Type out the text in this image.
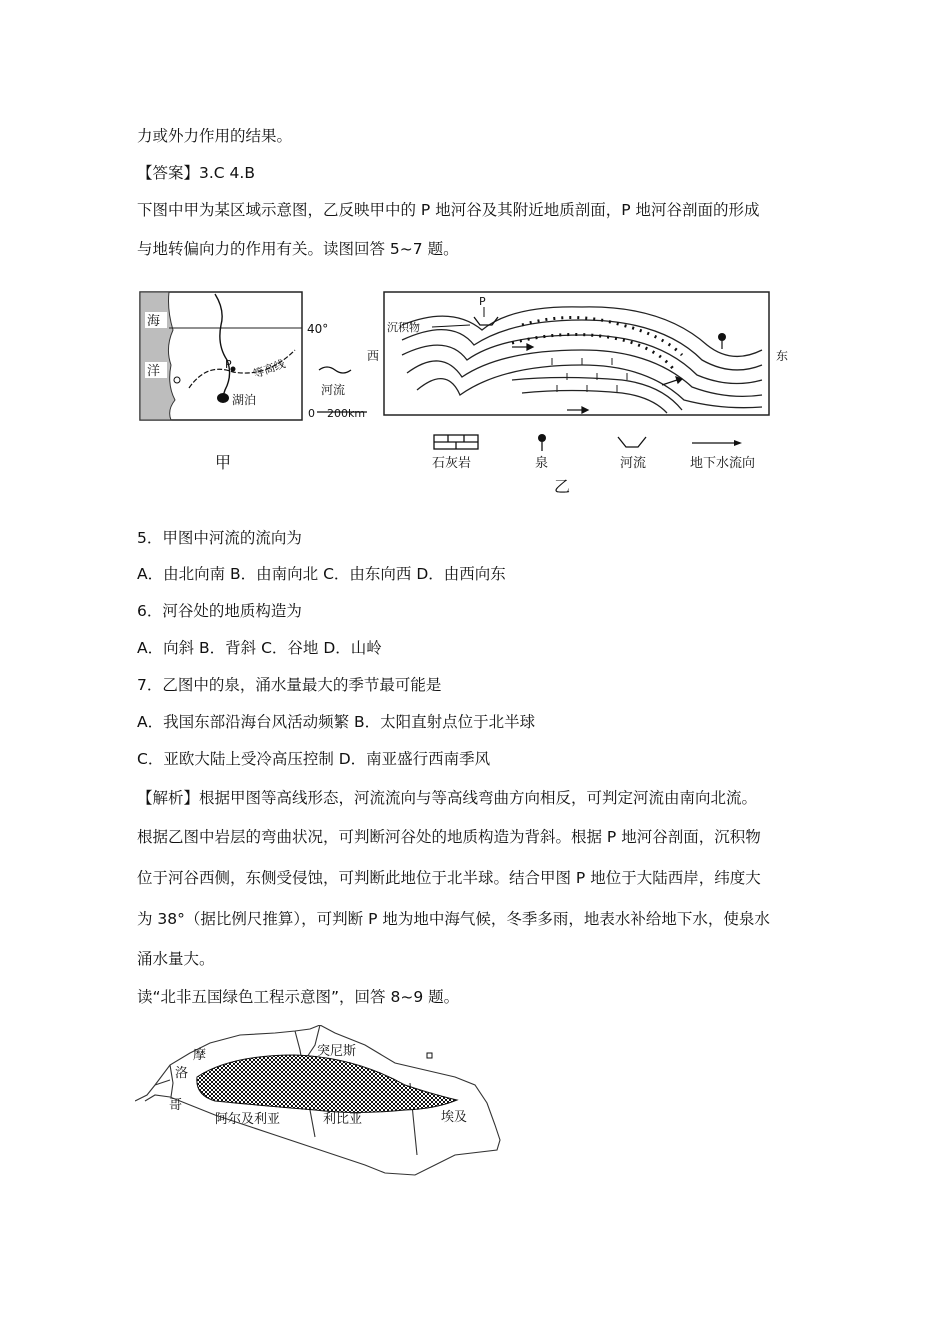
力或外力作用的结果。
【答案】3.C 4.B
下图中甲为某区域示意图，乙反映甲中的 P 地河谷及其附近地质剖面，P 地河谷剖面的形成
与地转偏向力的作用有关。读图回答 5~7 题。
海
洋
40°
P 等高线
湖泊
河流
0 200km
甲
西	东
P
沉积物
石灰岩	泉	河流	地下水流向
乙
5．甲图中河流的流向为
A．由北向南 B．由南向北 C．由东向西 D．由西向东
6．河谷处的地质构造为
A．向斜 B．背斜 C．谷地 D．山岭
7．乙图中的泉，涌水量最大的季节最可能是
A．我国东部沿海台风活动频繁 B．太阳直射点位于北半球
C．亚欧大陆上受冷高压控制 D．南亚盛行西南季风
【解析】根据甲图等高线形态，河流流向与等高线弯曲方向相反，可判定河流由南向北流。
根据乙图中岩层的弯曲状况，可判断河谷处的地质构造为背斜。根据 P 地河谷剖面，沉积物
位于河谷西侧，东侧受侵蚀，可判断此地位于北半球。结合甲图 P 地位于大陆西岸，纬度大
为 38°（据比例尺推算），可判断 P 地为地中海气候，冬季多雨，地表水补给地下水，使泉水
涌水量大。
读“北非五国绿色工程示意图”，回答 8~9 题。
摩
洛
哥
突尼斯
阿尔及利亚	利比亚	埃及
